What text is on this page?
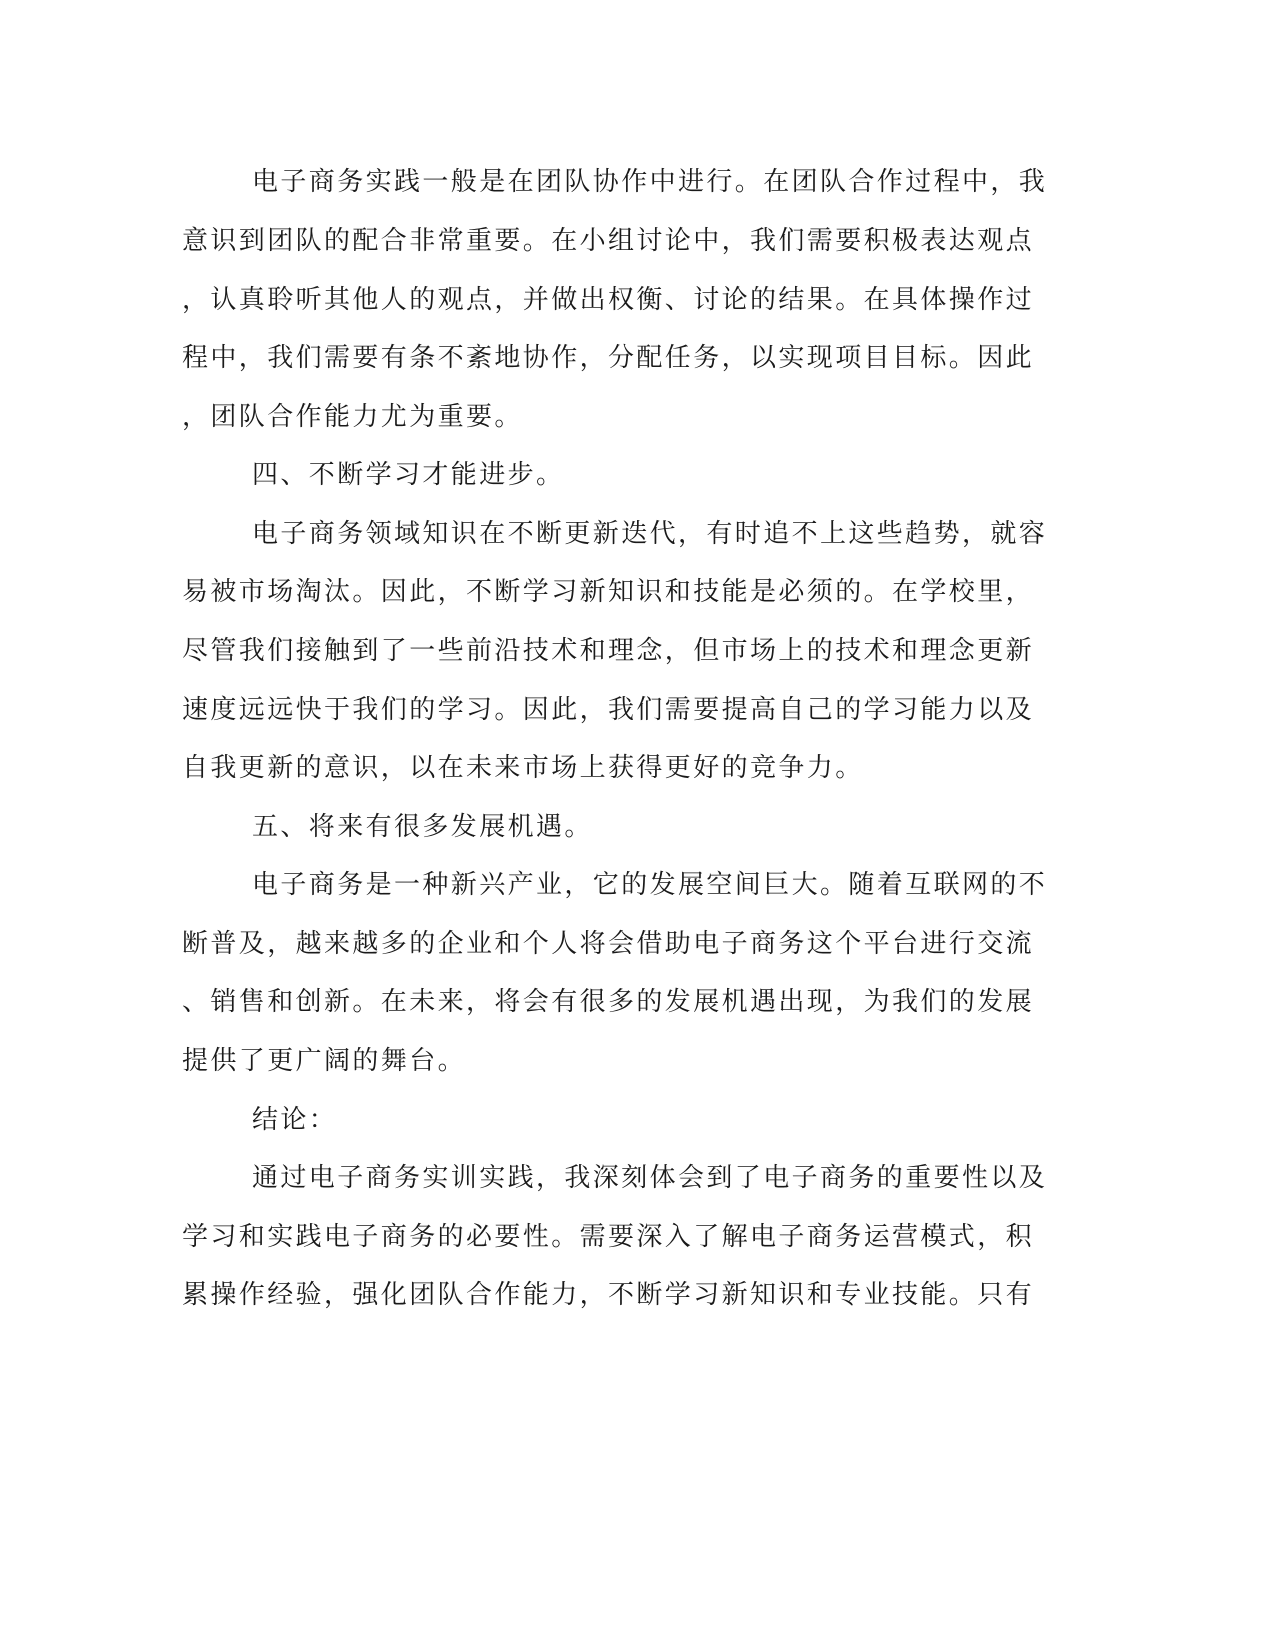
电子商务实践一般是在团队协作中进行。在团队合作过程中，我
意识到团队的配合非常重要。在小组讨论中，我们需要积极表达观点
，认真聆听其他人的观点，并做出权衡、讨论的结果。在具体操作过
程中，我们需要有条不紊地协作，分配任务，以实现项目目标。因此
，团队合作能力尤为重要。
四、不断学习才能进步。
电子商务领域知识在不断更新迭代，有时追不上这些趋势，就容
易被市场淘汰。因此，不断学习新知识和技能是必须的。在学校里，
尽管我们接触到了一些前沿技术和理念，但市场上的技术和理念更新
速度远远快于我们的学习。因此，我们需要提高自己的学习能力以及
自我更新的意识，以在未来市场上获得更好的竞争力。
五、将来有很多发展机遇。
电子商务是一种新兴产业，它的发展空间巨大。随着互联网的不
断普及，越来越多的企业和个人将会借助电子商务这个平台进行交流
、销售和创新。在未来，将会有很多的发展机遇出现，为我们的发展
提供了更广阔的舞台。
结论：
通过电子商务实训实践，我深刻体会到了电子商务的重要性以及
学习和实践电子商务的必要性。需要深入了解电子商务运营模式，积
累操作经验，强化团队合作能力，不断学习新知识和专业技能。只有
